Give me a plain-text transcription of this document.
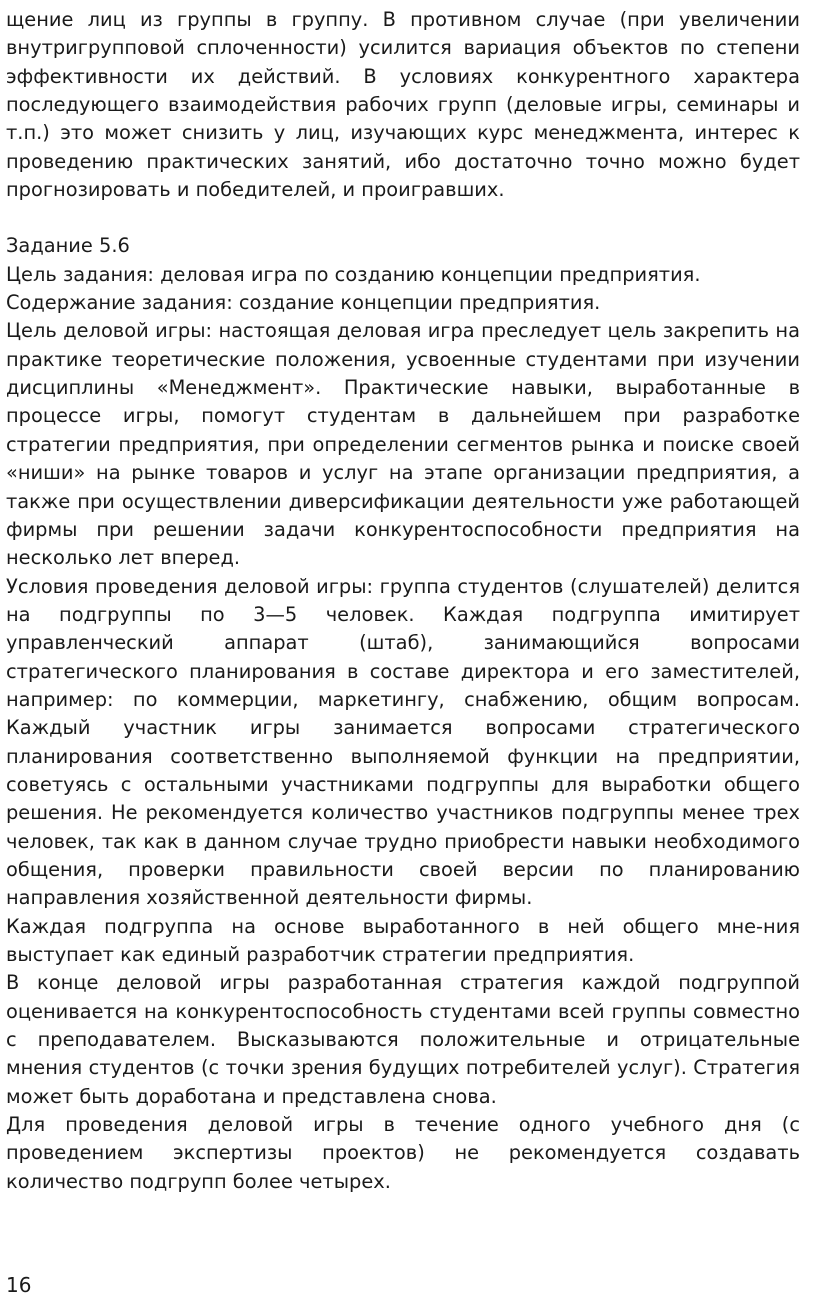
щение лиц из группы в группу. В противном случае (при увеличении внутригрупповой сплоченности) усилится вариация объектов по степени эффективности их действий. В условиях конкурентного характера последующего взаимодействия рабочих групп (деловые игры, семинары и т.п.) это может снизить у лиц, изучающих курс менеджмента, интерес к проведению практических занятий, ибо достаточно точно можно будет прогнозировать и победителей, и проигравших.

Задание 5.6

Цель задания: деловая игра по созданию концепции предприятия.

Содержание задания: создание концепции предприятия.

Цель деловой игры: настоящая деловая игра преследует цель закрепить на практике теоретические положения, усвоенные студентами при изучении дисциплины «Менеджмент». Практические навыки, выработанные в процессе игры, помогут студентам в дальнейшем при разработке стратегии предприятия, при определении сегментов рынка и поиске своей «ниши» на рынке товаров и услуг на этапе организации предприятия, а также при осуществлении диверсификации деятельности уже работающей фирмы при решении задачи конкурентоспособности предприятия на несколько лет вперед.

Условия проведения деловой игры: группа студентов (слушателей) делится на подгруппы по 3—5 человек. Каждая подгруппа имитирует управленческий аппарат (штаб), занимающийся вопросами стратегического планирования в составе директора и его заместителей, например: по коммерции, маркетингу, снабжению, общим вопросам. Каждый участник игры занимается вопросами стратегического планирования соответственно выполняемой функции на предприятии, советуясь с остальными участниками подгруппы для выработки общего решения. Не рекомендуется количество участников подгруппы менее трех человек, так как в данном случае трудно приобрести навыки необходимого общения, проверки правильности своей версии по планированию направления хозяйственной деятельности фирмы.

Каждая подгруппа на основе выработанного в ней общего мне-ния выступает как единый разработчик стратегии предприятия.

В конце деловой игры разработанная стратегия каждой подгруппой оценивается на конкурентоспособность студентами всей группы совместно с преподавателем. Высказываются положительные и отрицательные мнения студентов (с точки зрения будущих потребителей услуг). Стратегия может быть доработана и представлена снова.

Для проведения деловой игры в течение одного учебного дня (с проведением экспертизы проектов) не рекомендуется создавать количество подгрупп более четырех.

16
